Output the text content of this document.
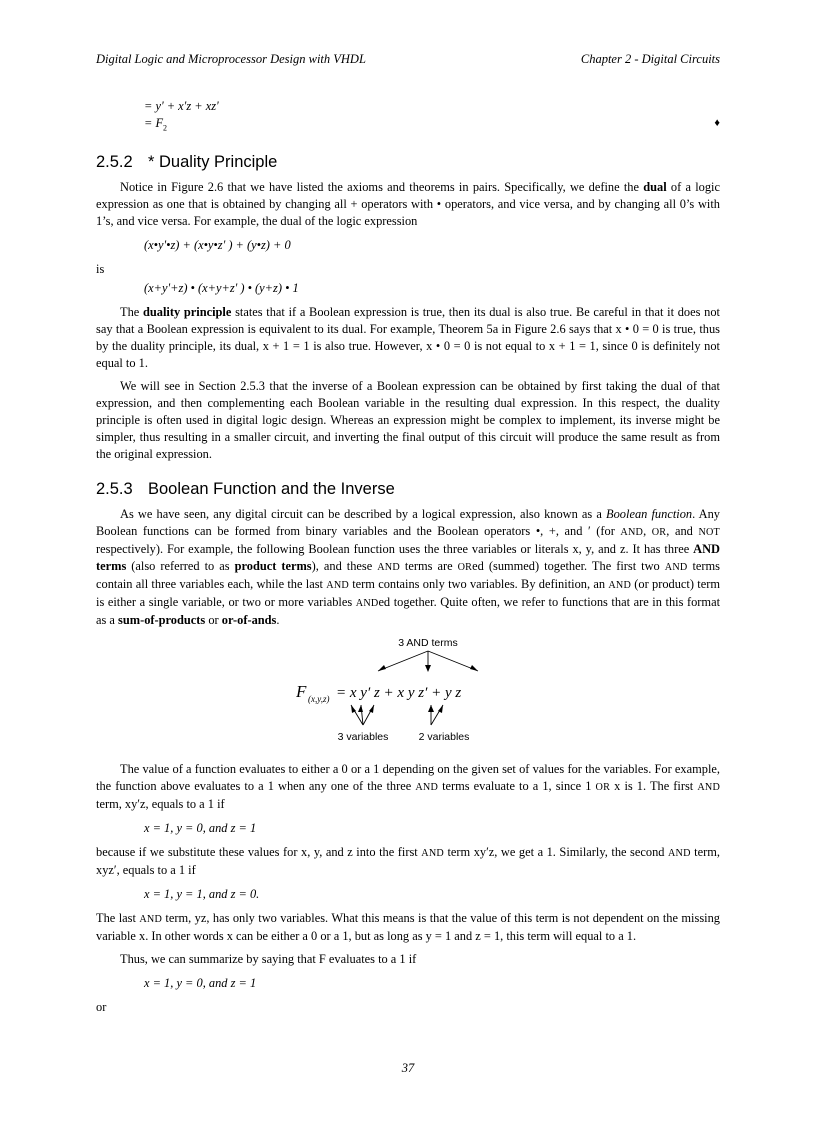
Digital Logic and Microprocessor Design with VHDL	Chapter 2 - Digital Circuits
= y' + x'z + xz'
= $F_2$	♦
2.5.2 * Duality Principle

Notice in Figure 2.6 that we have listed the axioms and theorems in pairs. Specifically, we define the dual of a logic expression as one that is obtained by changing all + operators with • operators, and vice versa, and by changing all 0’s with 1’s, and vice versa. For example, the dual of the logic expression

(x•y'•z) + (x•y•z' ) + (y•z) + 0
is
(x+y'+z) • (x+y+z' ) • (y+z) • 1

The duality principle states that if a Boolean expression is true, then its dual is also true. Be careful in that it does not say that a Boolean expression is equivalent to its dual. For example, Theorem 5a in Figure 2.6 says that x • 0 = 0 is true, thus by the duality principle, its dual, x + 1 = 1 is also true. However, x • 0 = 0 is not equal to x + 1 = 1, since 0 is definitely not equal to 1.

We will see in Section 2.5.3 that the inverse of a Boolean expression can be obtained by first taking the dual of that expression, and then complementing each Boolean variable in the resulting dual expression. In this respect, the duality principle is often used in digital logic design. Whereas an expression might be complex to implement, its inverse might be simpler, thus resulting in a smaller circuit, and inverting the final output of this circuit will produce the same result as from the original expression.

2.5.3 Boolean Function and the Inverse

As we have seen, any digital circuit can be described by a logical expression, also known as a Boolean function. Any Boolean functions can be formed from binary variables and the Boolean operators •, +, and ′ (for AND, OR, and NOT respectively). For example, the following Boolean function uses the three variables or literals x, y, and z. It has three AND terms (also referred to as product terms), and these AND terms are ORed (summed) together. The first two AND terms contain all three variables each, while the last AND term contains only two variables. By definition, an AND (or product) term is either a single variable, or two or more variables ANDed together. Quite often, we refer to functions that are in this format as a sum-of-products or or-of-ands.

3 AND terms
F (x,y,z) = x y′ z + x y z′ + y z
3 variables	2 variables

The value of a function evaluates to either a 0 or a 1 depending on the given set of values for the variables. For example, the function above evaluates to a 1 when any one of the three AND terms evaluate to a 1, since 1 OR x is 1. The first AND term, xy′z, equals to a 1 if

x = 1, y = 0, and z = 1

because if we substitute these values for x, y, and z into the first AND term xy′z, we get a 1. Similarly, the second AND term, xyz′, equals to a 1 if

x = 1, y = 1, and z = 0.

The last AND term, yz, has only two variables. What this means is that the value of this term is not dependent on the missing variable x. In other words x can be either a 0 or a 1, but as long as y = 1 and z = 1, this term will equal to a 1.

Thus, we can summarize by saying that F evaluates to a 1 if

x = 1, y = 0, and z = 1
or
37
